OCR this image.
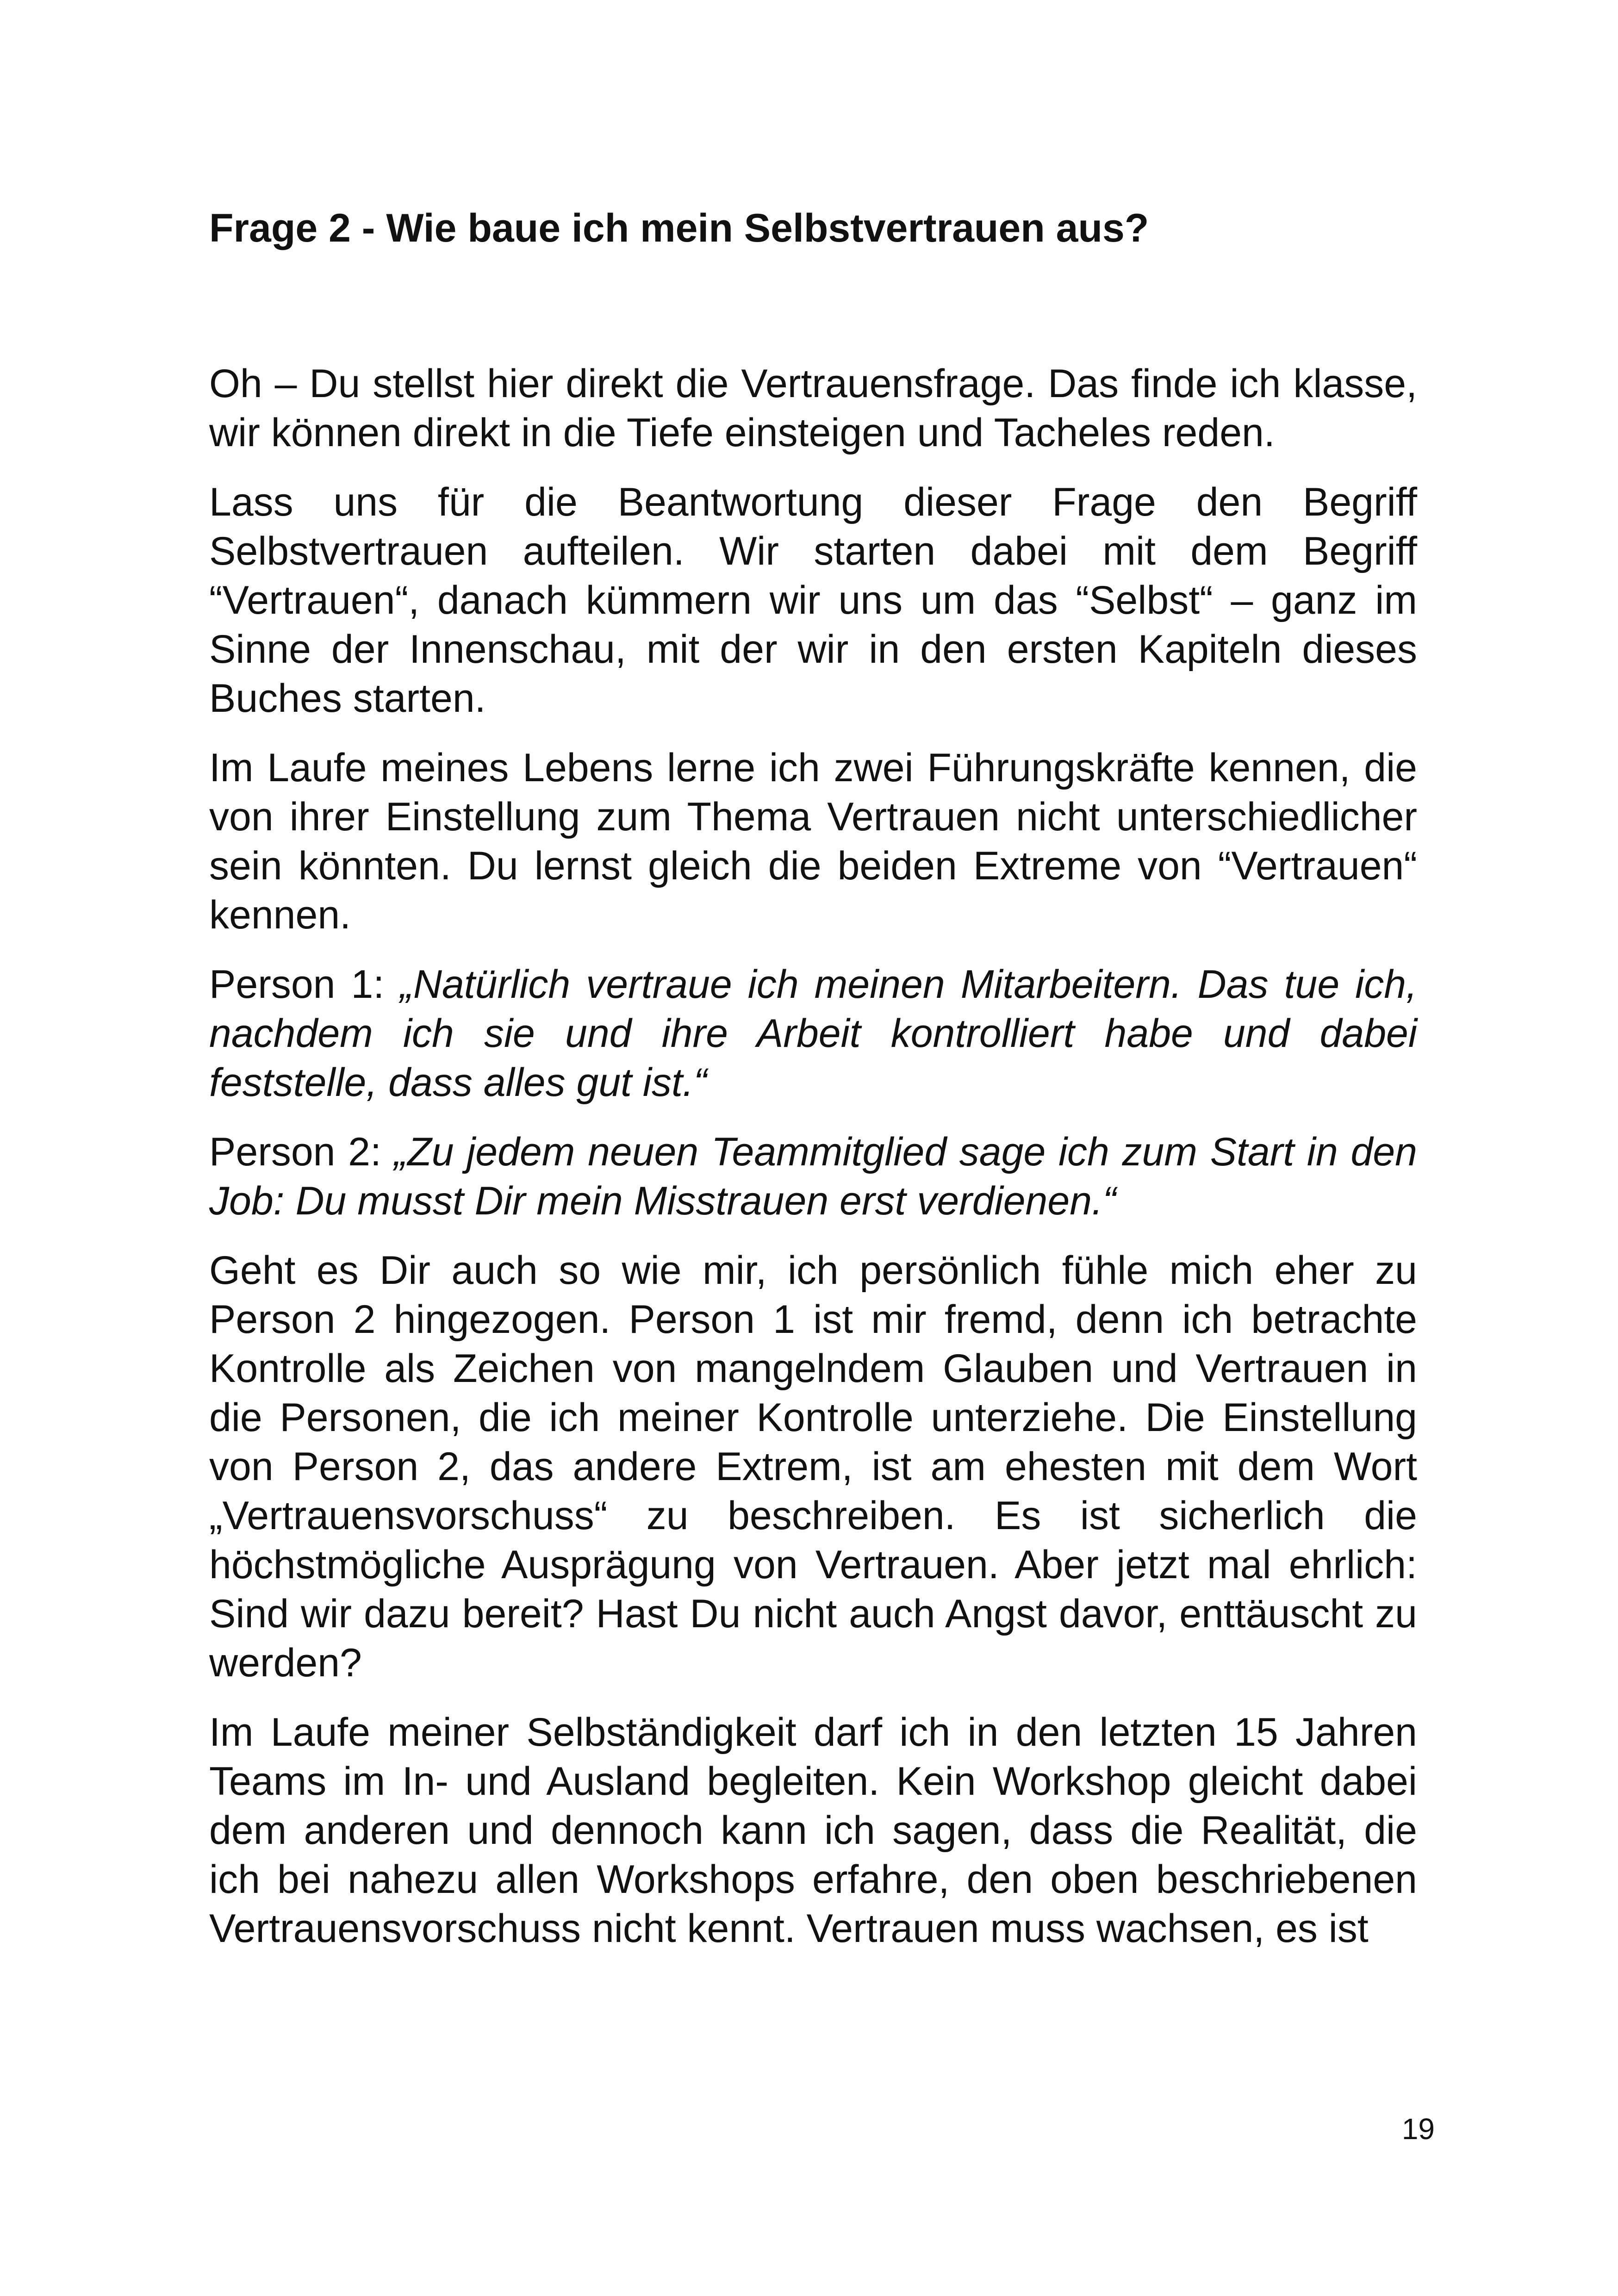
Frage 2 - Wie baue ich mein Selbstvertrauen aus?

Oh – Du stellst hier direkt die Vertrauensfrage. Das finde ich klasse, wir können direkt in die Tiefe einsteigen und Tacheles reden.

Lass uns für die Beantwortung dieser Frage den Begriff Selbstvertrauen aufteilen. Wir starten dabei mit dem Begriff “Vertrauen“, danach kümmern wir uns um das “Selbst“ – ganz im Sinne der Innenschau, mit der wir in den ersten Kapiteln dieses Buches starten.

Im Laufe meines Lebens lerne ich zwei Führungskräfte kennen, die von ihrer Einstellung zum Thema Vertrauen nicht unterschiedlicher sein könnten. Du lernst gleich die beiden Extreme von “Vertrauen“ kennen.

Person 1: „Natürlich vertraue ich meinen Mitarbeitern. Das tue ich, nachdem ich sie und ihre Arbeit kontrolliert habe und dabei feststelle, dass alles gut ist.“

Person 2: „Zu jedem neuen Teammitglied sage ich zum Start in den Job: Du musst Dir mein Misstrauen erst verdienen.“

Geht es Dir auch so wie mir, ich persönlich fühle mich eher zu Person 2 hingezogen. Person 1 ist mir fremd, denn ich betrachte Kontrolle als Zeichen von mangelndem Glauben und Vertrauen in die Personen, die ich meiner Kontrolle unterziehe. Die Einstellung von Person 2, das andere Extrem, ist am ehesten mit dem Wort „Vertrauensvorschuss“ zu beschreiben. Es ist sicherlich die höchstmögliche Ausprägung von Vertrauen. Aber jetzt mal ehrlich: Sind wir dazu bereit? Hast Du nicht auch Angst davor, enttäuscht zu werden?

Im Laufe meiner Selbständigkeit darf ich in den letzten 15 Jahren Teams im In- und Ausland begleiten. Kein Workshop gleicht dabei dem anderen und dennoch kann ich sagen, dass die Realität, die ich bei nahezu allen Workshops erfahre, den oben beschriebenen Vertrauensvorschuss nicht kennt. Vertrauen muss wachsen, es ist

19
